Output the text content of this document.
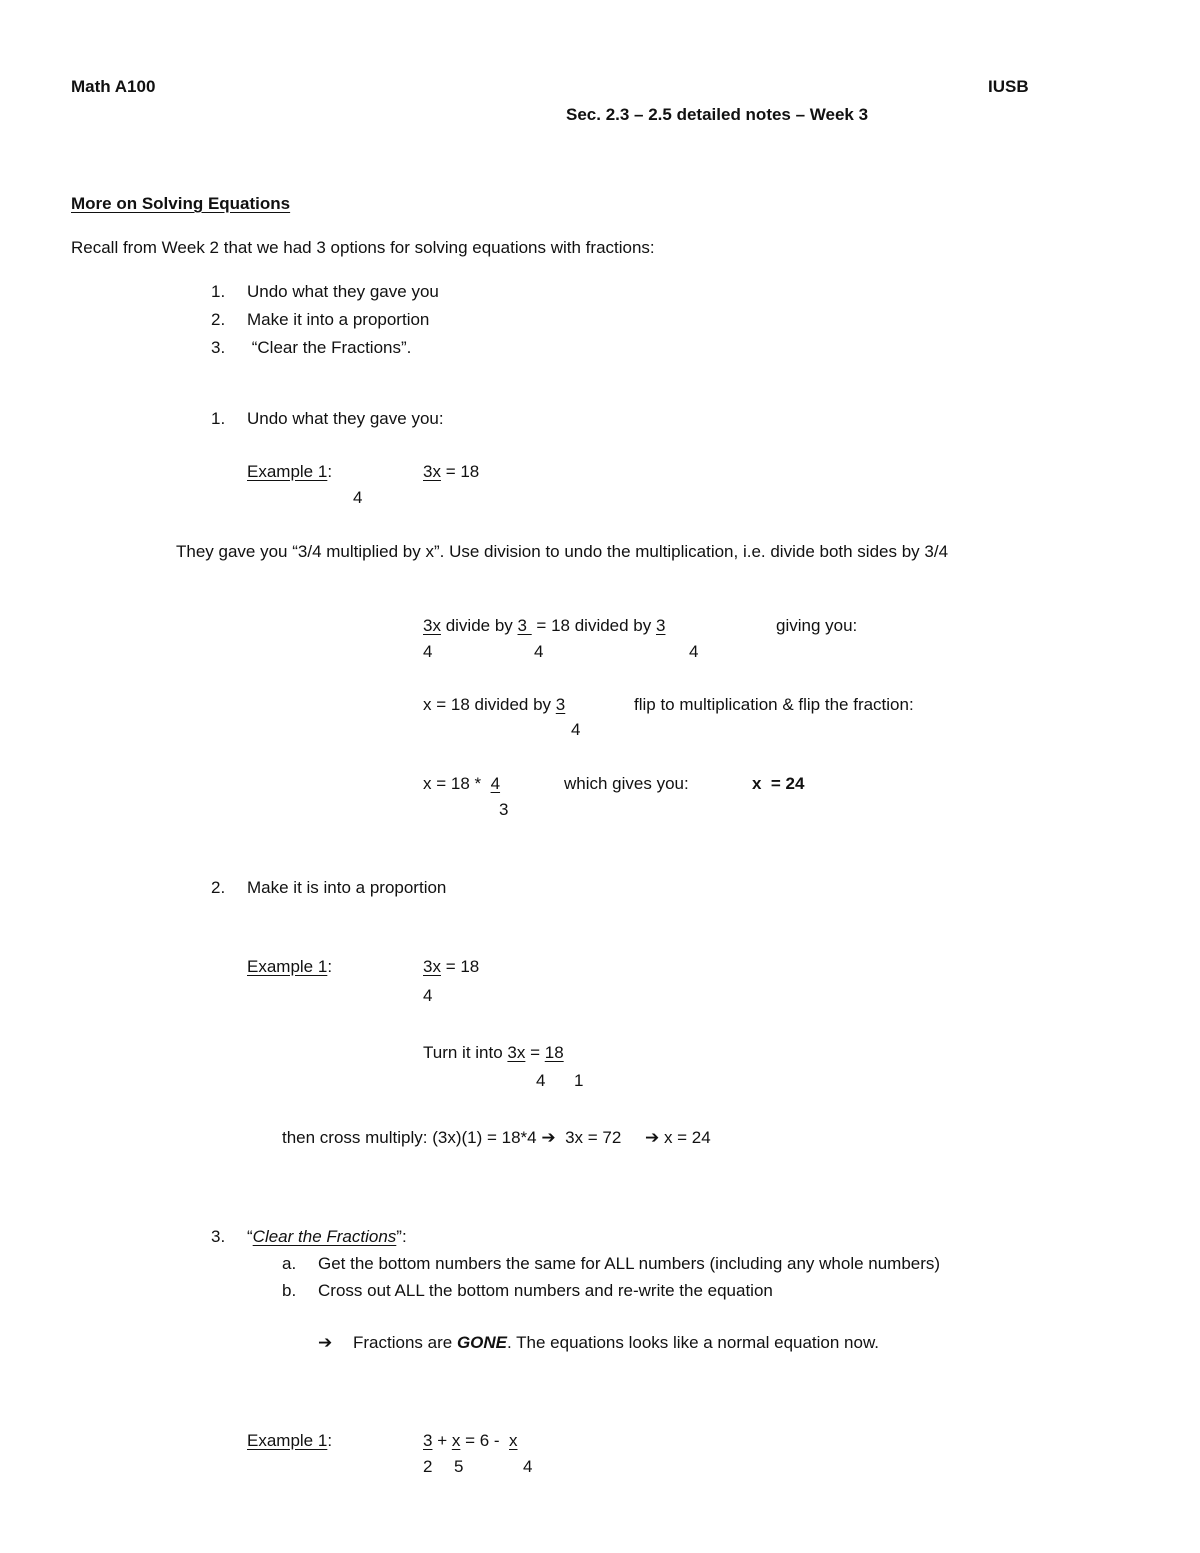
Math A100	IUSB
Sec. 2.3 – 2.5 detailed notes – Week 3
More on Solving Equations
Recall from Week 2 that we had 3 options for solving equations with fractions:
1. Undo what they gave you
2. Make it into a proportion
3. “Clear the Fractions”.
1. Undo what they gave you:
Example 1:	3x = 18
4
They gave you “3/4 multiplied by x”. Use division to undo the multiplication, i.e. divide both sides by 3/4
3x divide by 3  = 18 divided by 3	giving you:
4	4	4
x = 18 divided by 3
4
flip to multiplication & flip the fraction:
x = 18 *  4
3
which gives you:	x  = 24
2. Make it is into a proportion
Example 1:	3x = 18
4
Turn it into 3x = 18
4 1
then cross multiply: (3x)(1) = 18*4 ➔ 3x = 72 ➔ x = 24
3. “Clear the Fractions”:
a. Get the bottom numbers the same for ALL numbers (including any whole numbers)
b. Cross out ALL the bottom numbers and re-write the equation
➔ Fractions are GONE. The equations looks like a normal equation now.
Example 1:	3 + x = 6 -  x
2 5	4
